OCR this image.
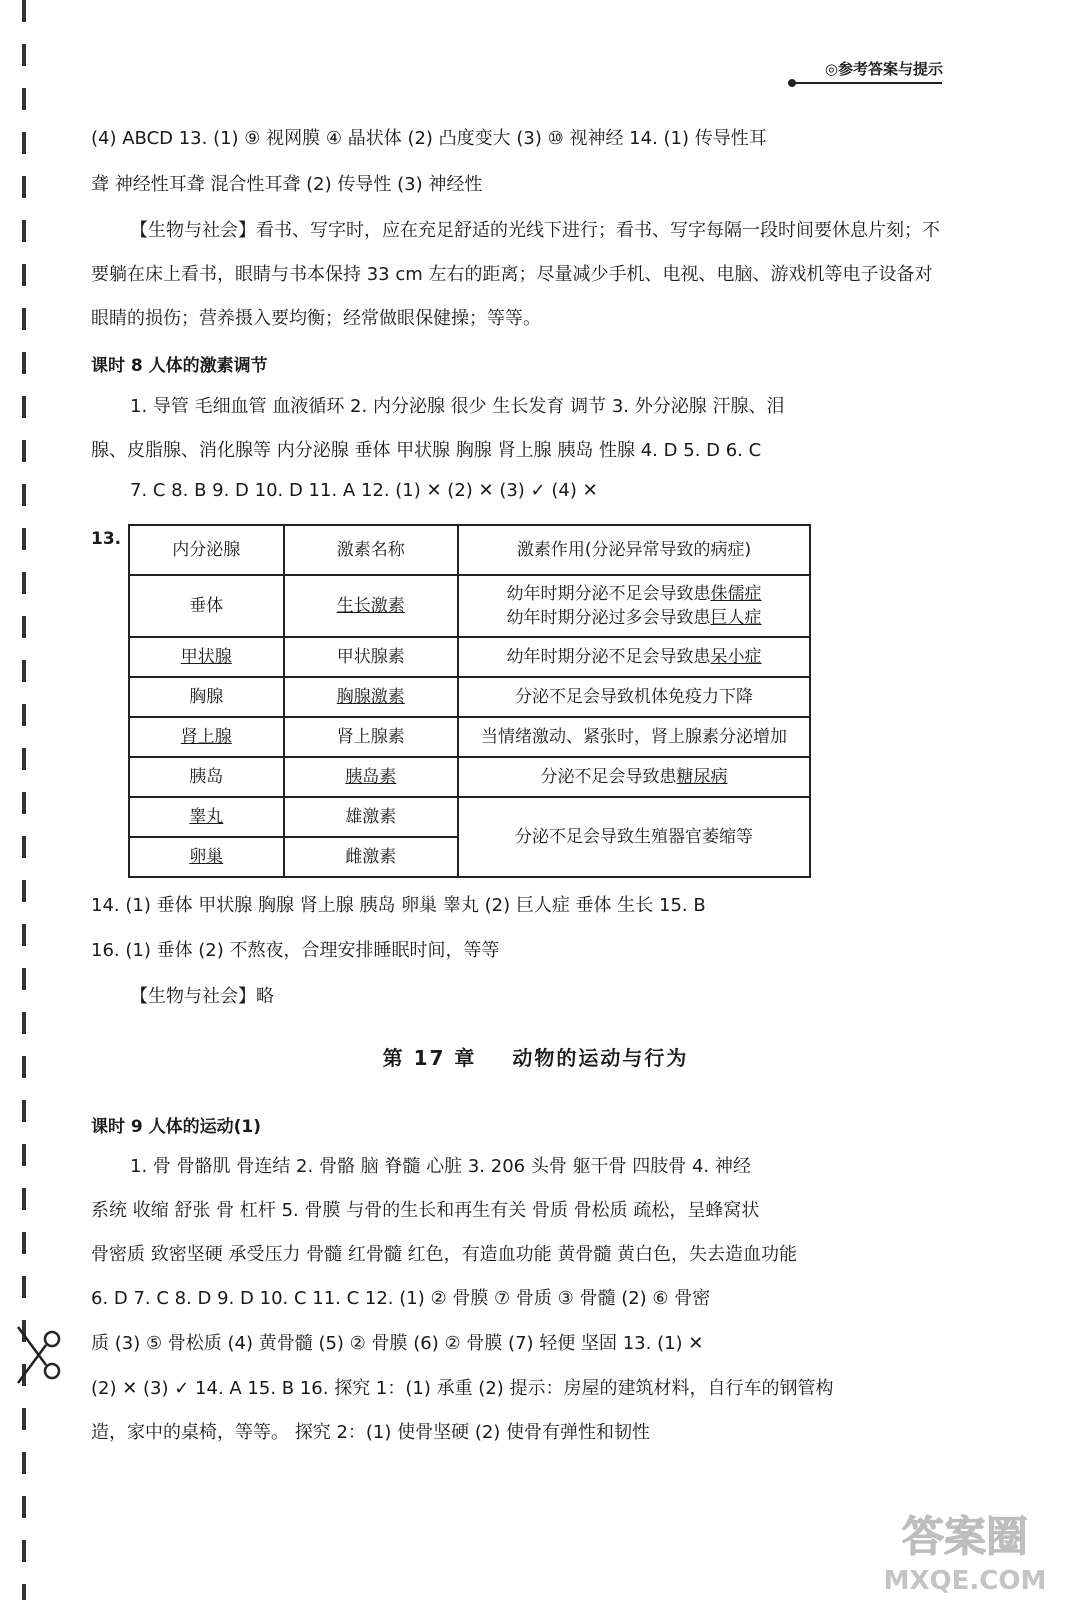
◎参考答案与提示
(4) ABCD 13. (1) ⑨ 视网膜 ④ 晶状体 (2) 凸度变大 (3) ⑩ 视神经 14. (1) 传导性耳
聋 神经性耳聋 混合性耳聋 (2) 传导性 (3) 神经性
【生物与社会】看书、写字时，应在充足舒适的光线下进行；看书、写字每隔一段时间要休息片刻；不
要躺在床上看书，眼睛与书本保持 33 cm 左右的距离；尽量减少手机、电视、电脑、游戏机等电子设备对
眼睛的损伤；营养摄入要均衡；经常做眼保健操；等等。
课时 8 人体的激素调节
1. 导管 毛细血管 血液循环 2. 内分泌腺 很少 生长发育 调节 3. 外分泌腺 汗腺、泪
腺、皮脂腺、消化腺等 内分泌腺 垂体 甲状腺 胸腺 肾上腺 胰岛 性腺 4. D 5. D 6. C
7. C 8. B 9. D 10. D 11. A 12. (1) ✕ (2) ✕ (3) ✓ (4) ✕
13.
内分泌腺	激素名称	激素作用(分泌异常导致的病症)
垂体	生长激素	幼年时期分泌不足会导致患侏儒症
幼年时期分泌过多会导致患巨人症

甲状腺	甲状腺素	幼年时期分泌不足会导致患呆小症
胸腺	胸腺激素	分泌不足会导致机体免疫力下降
肾上腺	肾上腺素	当情绪激动、紧张时，肾上腺素分泌增加
胰岛	胰岛素	分泌不足会导致患糖尿病
睾丸	雄激素	分泌不足会导致生殖器官萎缩等
卵巢	雌激素	
14. (1) 垂体 甲状腺 胸腺 肾上腺 胰岛 卵巢 睾丸 (2) 巨人症 垂体 生长 15. B
16. (1) 垂体 (2) 不熬夜，合理安排睡眠时间，等等
【生物与社会】略
第 17 章 动物的运动与行为
课时 9 人体的运动(1)
1. 骨 骨骼肌 骨连结 2. 骨骼 脑 脊髓 心脏 3. 206 头骨 躯干骨 四肢骨 4. 神经
系统 收缩 舒张 骨 杠杆 5. 骨膜 与骨的生长和再生有关 骨质 骨松质 疏松，呈蜂窝状
骨密质 致密坚硬 承受压力 骨髓 红骨髓 红色，有造血功能 黄骨髓 黄白色，失去造血功能
6. D 7. C 8. D 9. D 10. C 11. C 12. (1) ② 骨膜 ⑦ 骨质 ③ 骨髓 (2) ⑥ 骨密
质 (3) ⑤ 骨松质 (4) 黄骨髓 (5) ② 骨膜 (6) ② 骨膜 (7) 轻便 坚固 13. (1) ✕
(2) ✕ (3) ✓ 14. A 15. B 16. 探究 1：(1) 承重 (2) 提示：房屋的建筑材料，自行车的钢管构
造，家中的桌椅，等等。 探究 2：(1) 使骨坚硬 (2) 使骨有弹性和韧性
答案圈
MXQE.COM
